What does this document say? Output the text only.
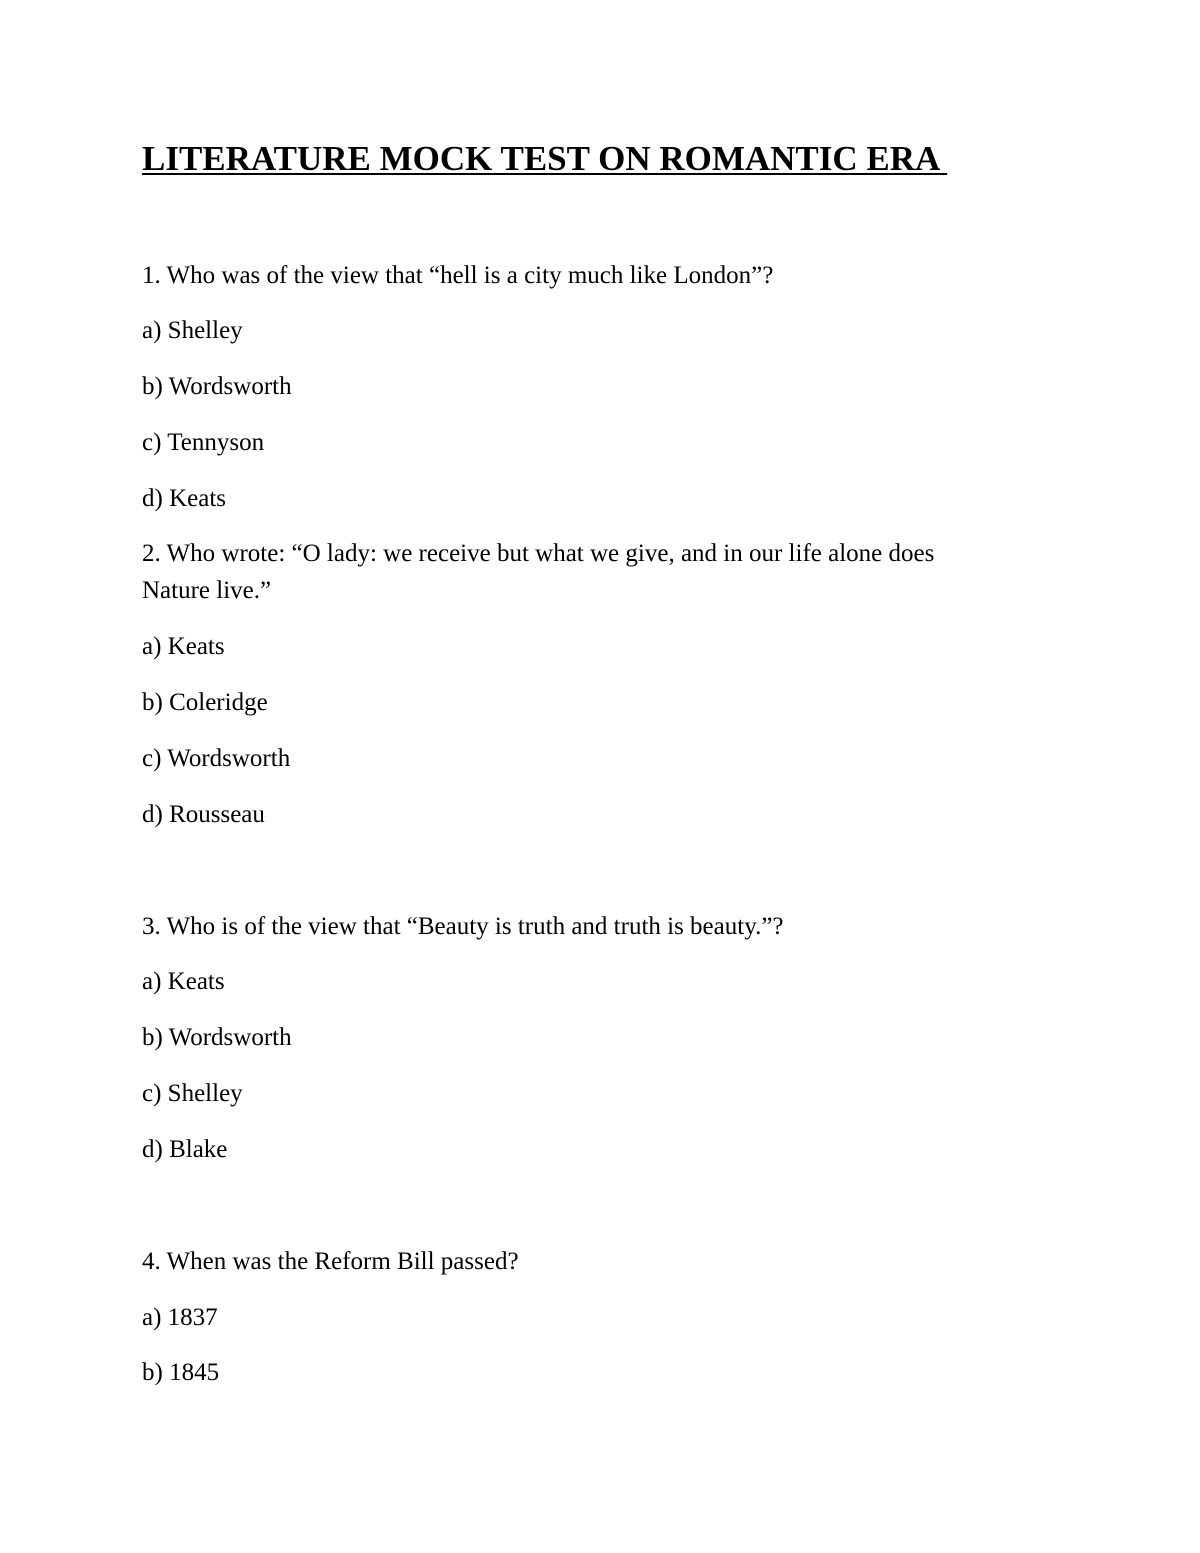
LITERATURE MOCK TEST ON ROMANTIC ERA

1. Who was of the view that “hell is a city much like London”?

a) Shelley

b) Wordsworth

c) Tennyson

d) Keats

2. Who wrote: “O lady: we receive but what we give, and in our life alone does Nature live.”

a) Keats

b) Coleridge

c) Wordsworth

d) Rousseau

3. Who is of the view that “Beauty is truth and truth is beauty.”?

a) Keats

b) Wordsworth

c) Shelley

d) Blake

4. When was the Reform Bill passed?

a) 1837

b) 1845
